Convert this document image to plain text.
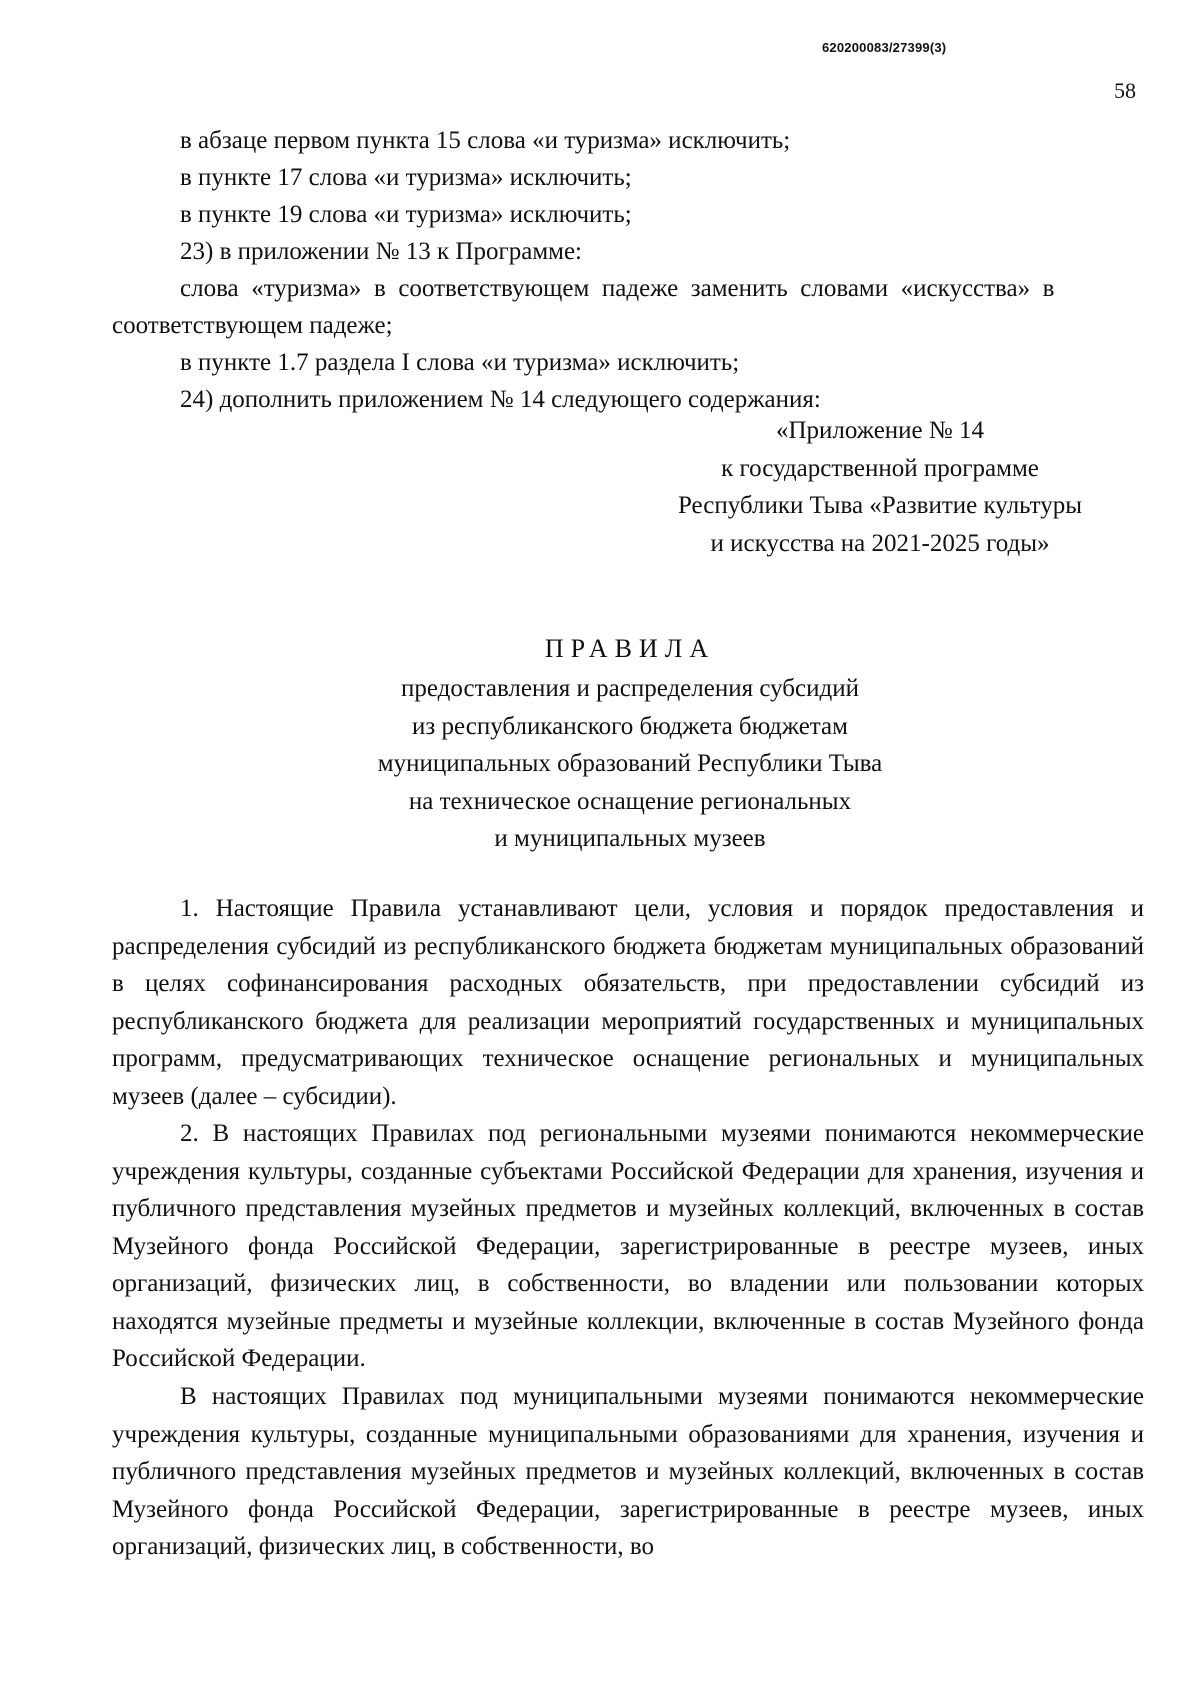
620200083/27399(3)
58
в абзаце первом пункта 15 слова «и туризма» исключить;
в пункте 17 слова «и туризма» исключить;
в пункте 19 слова «и туризма» исключить;
23) в приложении № 13 к Программе:
слова «туризма» в соответствующем падеже заменить словами «искусства» в
соответствующем падеже;
в пункте 1.7 раздела I слова «и туризма» исключить;
24) дополнить приложением № 14 следующего содержания:
«Приложение № 14
к государственной программе
Республики Тыва «Развитие культуры
и искусства на 2021-2025 годы»
ПРАВИЛА
предоставления и распределения субсидий
из республиканского бюджета бюджетам
муниципальных образований Республики Тыва
на техническое оснащение региональных
и муниципальных музеев
1. Настоящие Правила устанавливают цели, условия и порядок предоставления и распределения субсидий из республиканского бюджета бюджетам муниципальных образований в целях софинансирования расходных обязательств, при предоставлении субсидий из республиканского бюджета для реализации мероприятий государственных и муниципальных программ, предусматривающих техническое оснащение региональных и муниципальных музеев (далее – субсидии).
2. В настоящих Правилах под региональными музеями понимаются некоммерческие учреждения культуры, созданные субъектами Российской Федерации для хранения, изучения и публичного представления музейных предметов и музейных коллекций, включенных в состав Музейного фонда Российской Федерации, зарегистрированные в реестре музеев, иных организаций, физических лиц, в собственности, во владении или пользовании которых находятся музейные предметы и музейные коллекции, включенные в состав Музейного фонда Российской Федерации.
В настоящих Правилах под муниципальными музеями понимаются некоммерческие учреждения культуры, созданные муниципальными образованиями для хранения, изучения и публичного представления музейных предметов и музейных коллекций, включенных в состав Музейного фонда Российской Федерации, зарегистрированные в реестре музеев, иных организаций, физических лиц, в собственности, во
